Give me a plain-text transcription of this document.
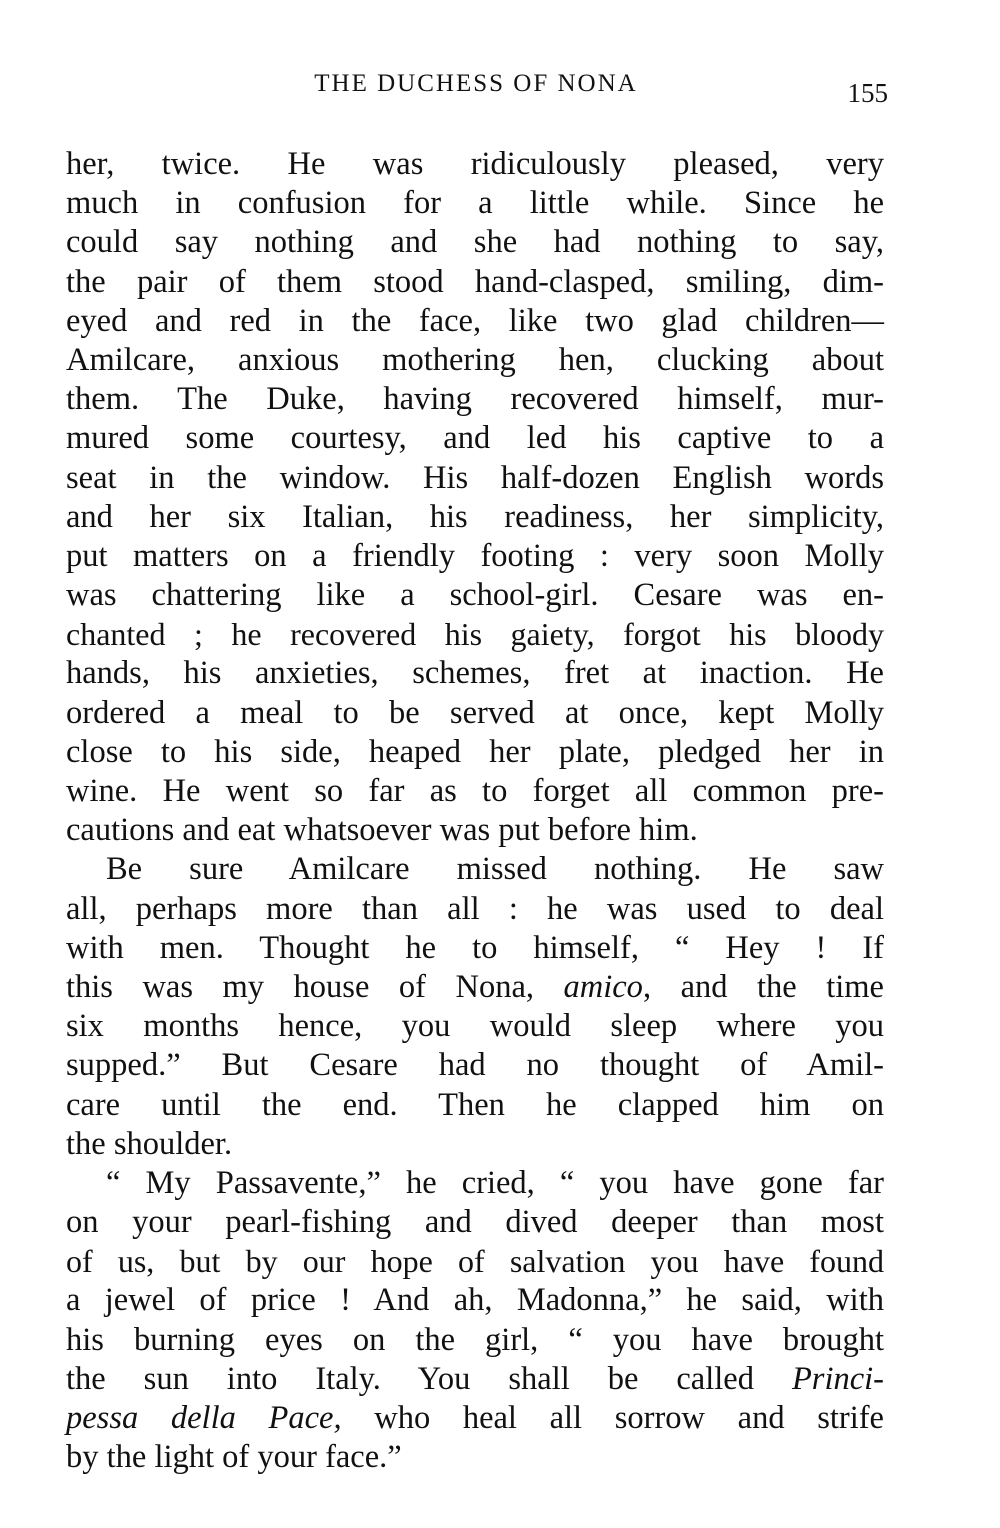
THE DUCHESS OF NONA	155
her, twice. He was ridiculously pleased, very
much in confusion for a little while. Since he
could say nothing and she had nothing to say,
the pair of them stood hand-clasped, smiling, dim-
eyed and red in the face, like two glad children—
Amilcare, anxious mothering hen, clucking about
them. The Duke, having recovered himself, mur-
mured some courtesy, and led his captive to a
seat in the window. His half-dozen English words
and her six Italian, his readiness, her simplicity,
put matters on a friendly footing : very soon Molly
was chattering like a school-girl. Cesare was en-
chanted ; he recovered his gaiety, forgot his bloody
hands, his anxieties, schemes, fret at inaction. He
ordered a meal to be served at once, kept Molly
close to his side, heaped her plate, pledged her in
wine. He went so far as to forget all common pre-
cautions and eat whatsoever was put before him.
Be sure Amilcare missed nothing. He saw
all, perhaps more than all : he was used to deal
with men. Thought he to himself, “ Hey ! If
this was my house of Nona, amico, and the time
six months hence, you would sleep where you
supped.” But Cesare had no thought of Amil-
care until the end. Then he clapped him on
the shoulder.
“ My Passavente,” he cried, “ you have gone far
on your pearl-fishing and dived deeper than most
of us, but by our hope of salvation you have found
a jewel of price ! And ah, Madonna,” he said, with
his burning eyes on the girl, “ you have brought
the sun into Italy. You shall be called Princi-
pessa della Pace, who heal all sorrow and strife
by the light of your face.”
